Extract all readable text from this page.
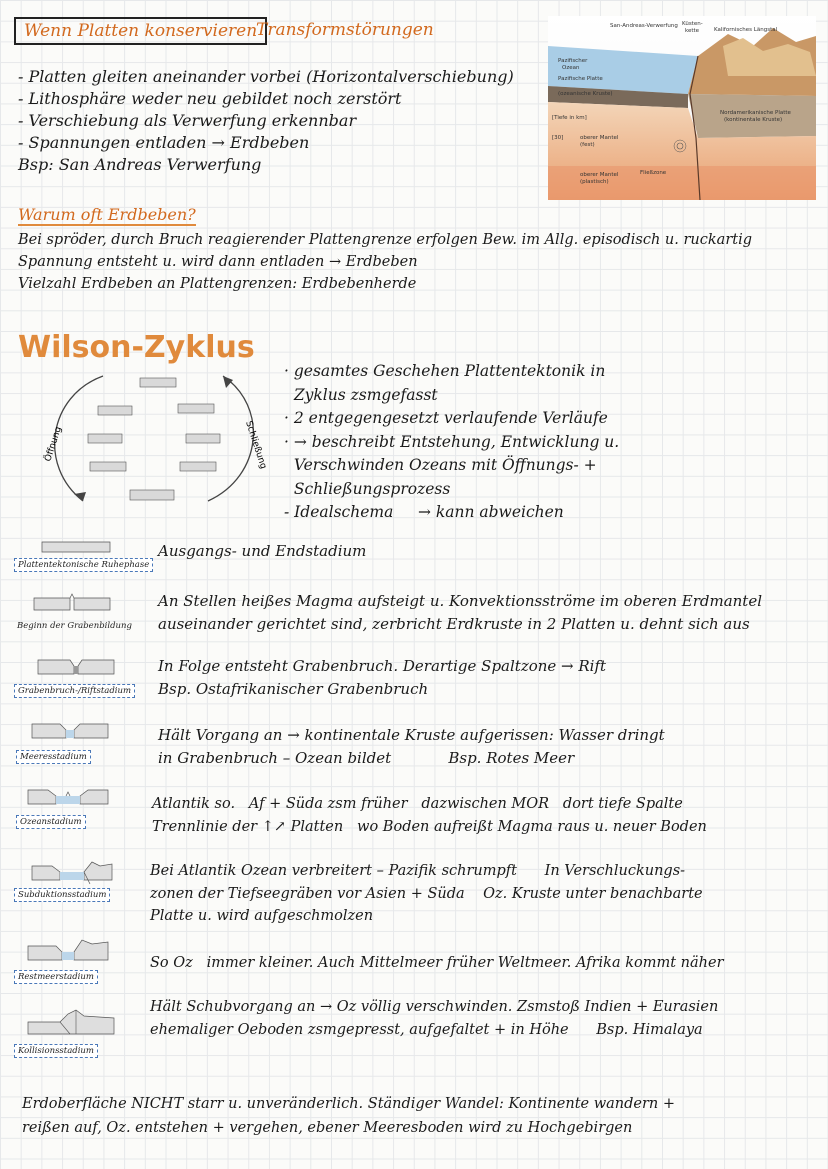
Wenn Platten konservieren
Transformstörungen
- Platten gleiten aneinander vorbei (Horizontalverschiebung)
- Lithosphäre weder neu gebildet noch zerstört
- Verschiebung als Verwerfung erkennbar
- Spannungen entladen → Erdbeben
Bsp: San Andreas Verwerfung
San-Andreas-Verwerfung Küsten-
kette	Kalifornisches Längstal
Pazifischer
Ozean
Pazifische Platte
(ozeanische Kruste)
[Tiefe in km]
[30]	oberer Mantel
(fest)
Nordamerikanische Platte
(kontinentale Kruste)
oberer Mantel
(plastisch)
Fließzone
Warum oft Erdbeben?
Bei spröder, durch Bruch reagierender Plattengrenze erfolgen Bew. im Allg. episodisch u. ruckartig
Spannung entsteht u. wird dann entladen → Erdbeben
Vielzahl Erdbeben an Plattengrenzen: Erdbebenherde
Wilson-Zyklus
Öffnung	Schließung
· gesamtes Geschehen Plattentektonik in
Zyklus zsmgefasst
· 2 entgegengesetzt verlaufende Verläufe
· → beschreibt Entstehung, Entwicklung u.
Verschwinden Ozeans mit Öffnungs- +
Schließungsprozess
- Idealschema     → kann abweichen
Plattentektonische Ruhephase
Ausgangs- und Endstadium
Beginn der Grabenbildung
An Stellen heißes Magma aufsteigt u. Konvektionsströme im oberen Erdmantel
auseinander gerichtet sind, zerbricht Erdkruste in 2 Platten u. dehnt sich aus
Grabenbruch-/Riftstadium
In Folge entsteht Grabenbruch. Derartige Spaltzone → Rift
Bsp. Ostafrikanischer Grabenbruch
Meeresstadium
Hält Vorgang an → kontinentale Kruste aufgerissen: Wasser dringt
in Grabenbruch – Ozean bildet            Bsp. Rotes Meer
Ozeanstadium
Atlantik so.   Af + Süda zsm früher   dazwischen MOR   dort tiefe Spalte
Trennlinie der ↑↗ Platten   wo Boden aufreißt Magma raus u. neuer Boden
Subduktionsstadium
Bei Atlantik Ozean verbreitert – Pazifik schrumpft      In Verschluckungs-
zonen der Tiefseegräben vor Asien + Süda    Oz. Kruste unter benachbarte
Platte u. wird aufgeschmolzen
Restmeerstadium
So Oz   immer kleiner. Auch Mittelmeer früher Weltmeer. Afrika kommt näher
Kollisionsstadium
Hält Schubvorgang an → Oz völlig verschwinden. Zsmstoß Indien + Eurasien
ehemaliger Oeboden zsmgepresst, aufgefaltet + in Höhe      Bsp. Himalaya
Erdoberfläche NICHT starr u. unveränderlich. Ständiger Wandel: Kontinente wandern +
reißen auf, Oz. entstehen + vergehen, ebener Meeresboden wird zu Hochgebirgen
